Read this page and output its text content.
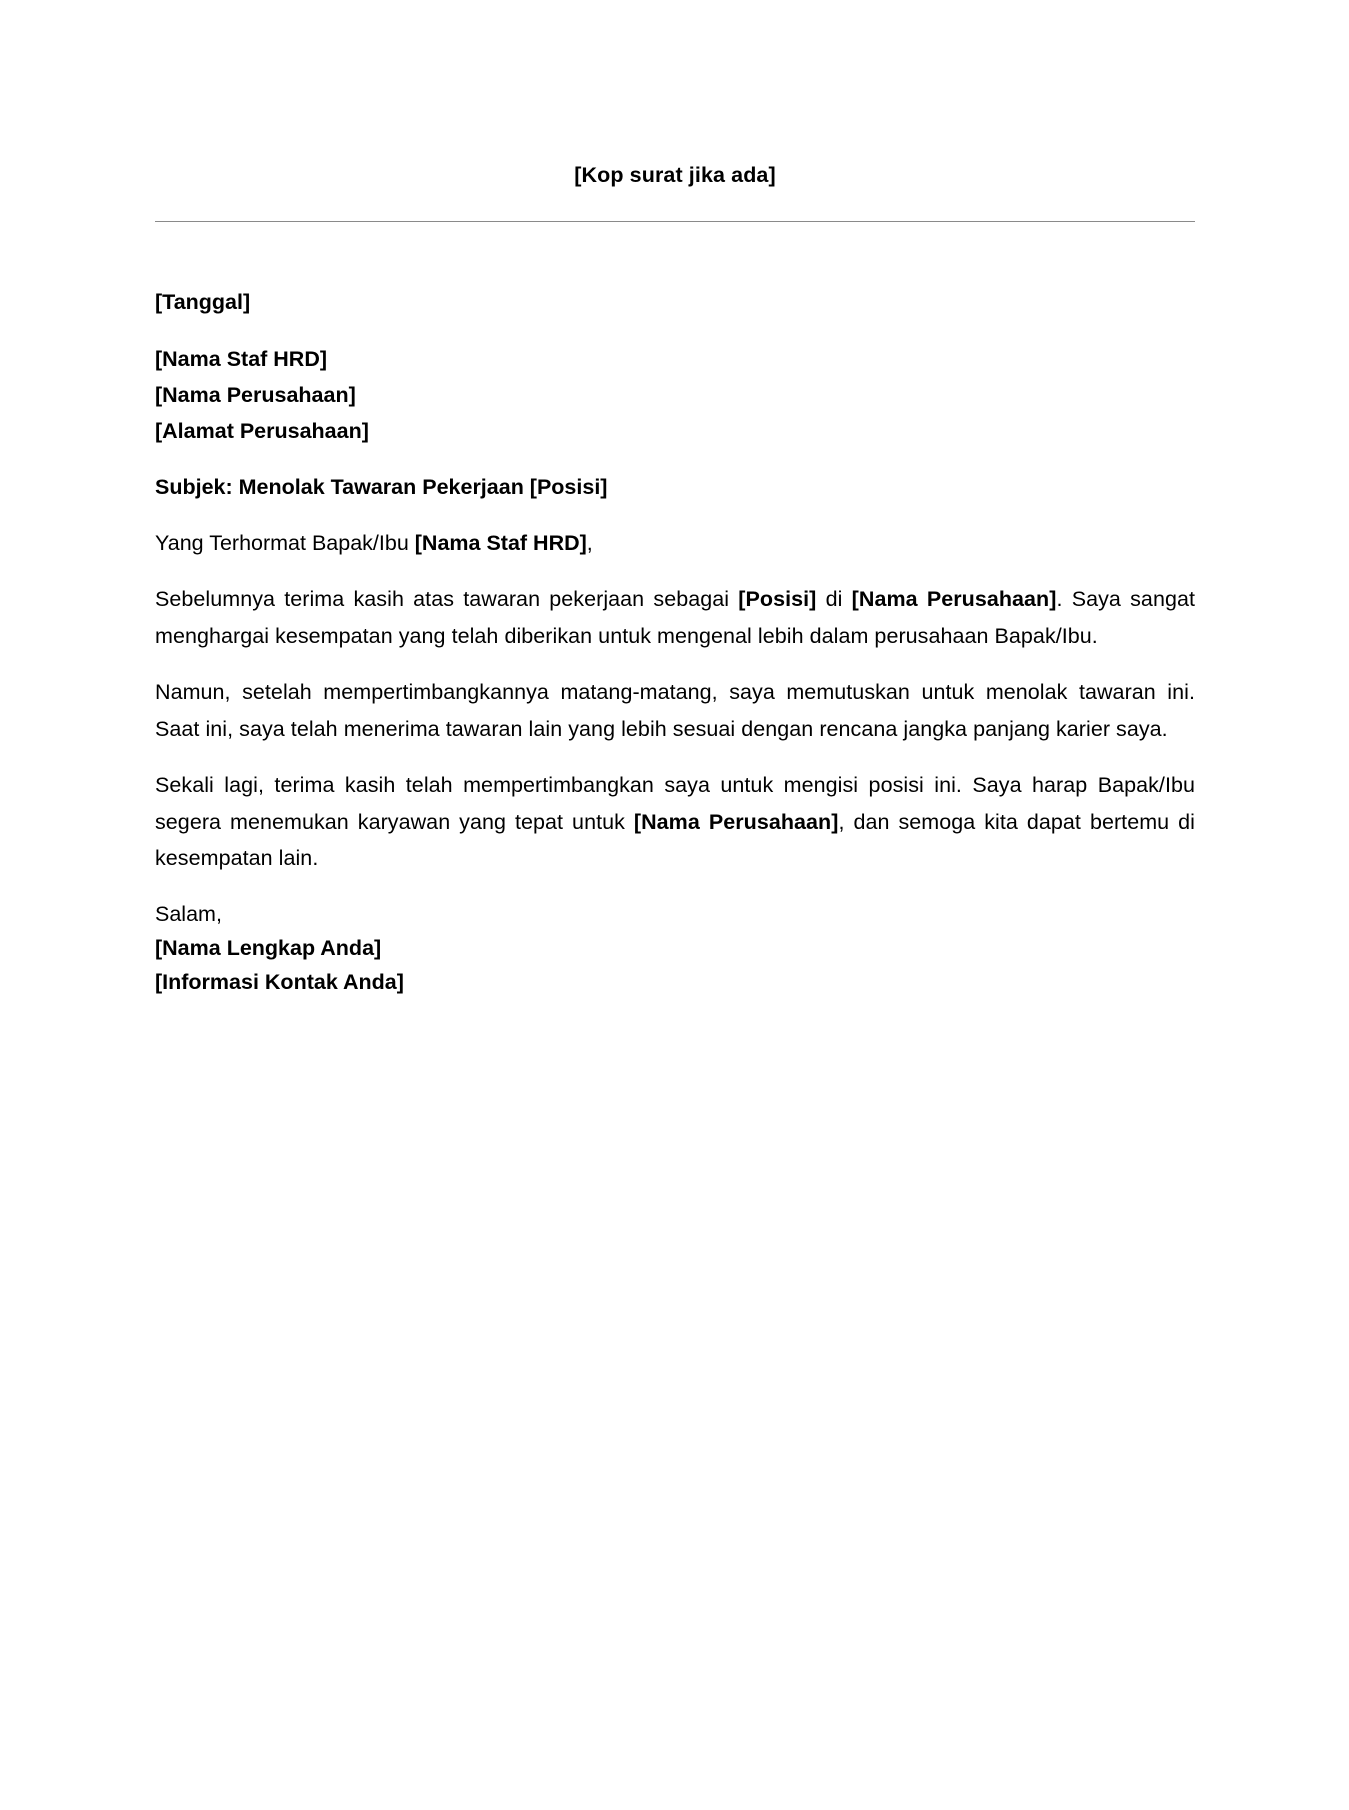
[Kop surat jika ada]
[Tanggal]
[Nama Staf HRD]
[Nama Perusahaan]
[Alamat Perusahaan]
Subjek: Menolak Tawaran Pekerjaan [Posisi]
Yang Terhormat Bapak/Ibu [Nama Staf HRD],

Sebelumnya terima kasih atas tawaran pekerjaan sebagai [Posisi] di [Nama Perusahaan]. Saya sangat menghargai kesempatan yang telah diberikan untuk mengenal lebih dalam perusahaan Bapak/Ibu.

Namun, setelah mempertimbangkannya matang-matang, saya memutuskan untuk menolak tawaran ini. Saat ini, saya telah menerima tawaran lain yang lebih sesuai dengan rencana jangka panjang karier saya.

Sekali lagi, terima kasih telah mempertimbangkan saya untuk mengisi posisi ini. Saya harap Bapak/Ibu segera menemukan karyawan yang tepat untuk [Nama Perusahaan], dan semoga kita dapat bertemu di kesempatan lain.

Salam,
[Nama Lengkap Anda]
[Informasi Kontak Anda]
